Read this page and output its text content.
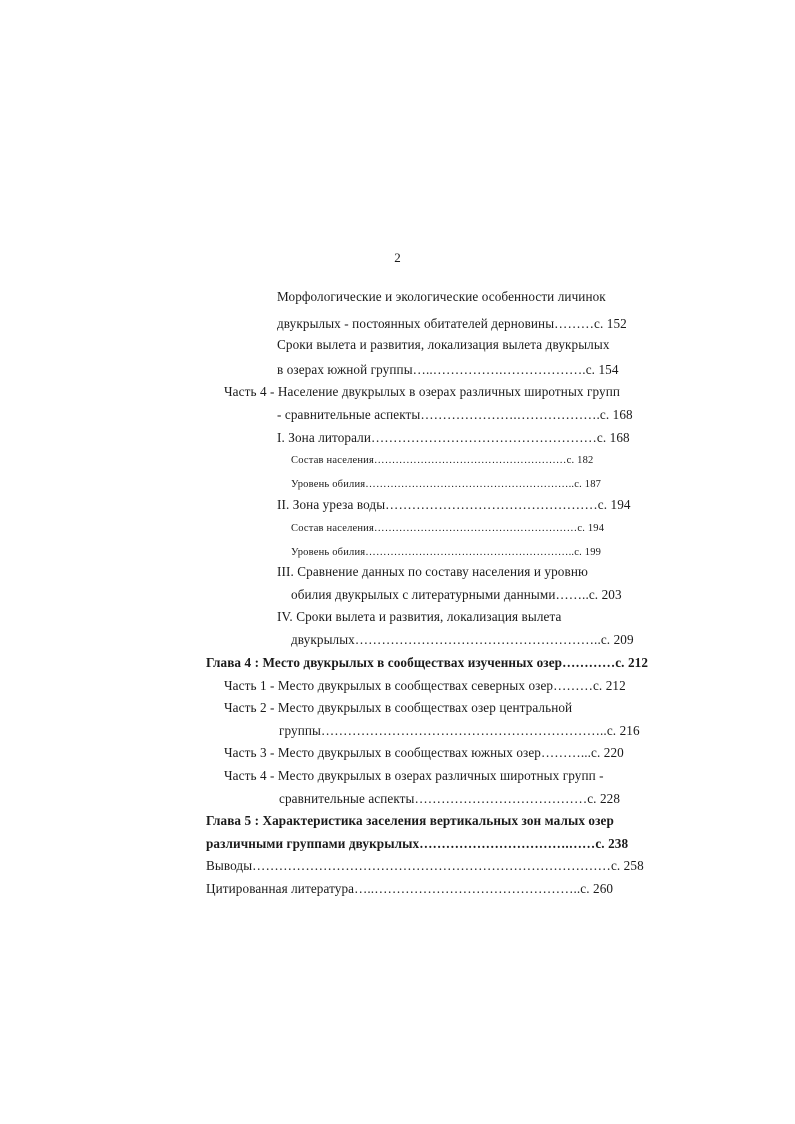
2
Морфологические и экологические особенности личинок
двукрылых - постоянных обитателей дерновины………с. 152
Сроки вылета и развития, локализация вылета двукрылых
в озерах южной группы…..…………….……………….с. 154
Часть 4 - Население двукрылых в озерах различных широтных групп
- сравнительные аспекты………………….……………….с. 168
I. Зона литорали……………………………………………с. 168
Состав населения………………………………………………с. 182
Уровень обилия…………………………………………………..с. 187
II. Зона уреза воды…………………………………………с. 194
Состав населения…………………………………………………с. 194
Уровень обилия…………………………………………………..с. 199
III. Сравнение данных по составу населения и уровню
обилия двукрылых с литературными данными……..с. 203
IV. Сроки вылета и развития, локализация вылета
двукрылых………………………………………………..с. 209
Глава 4 : Место двукрылых в сообществах изученных озер…………с. 212
Часть 1 - Место двукрылых в сообществах северных озер………с. 212
Часть 2 - Место двукрылых в сообществах озер центральной
группы………………………………………………………..с. 216
Часть 3 - Место двукрылых в сообществах южных озер………...с. 220
Часть 4 - Место двукрылых в озерах различных широтных групп -
сравнительные аспекты…………………………………с. 228
Глава 5 : Характеристика заселения вертикальных зон малых озер
различными группами двукрылых…………………………….……с. 238
Выводы………………………………………………………………………с. 258
Цитированная литература…..………………………………………..с. 260
